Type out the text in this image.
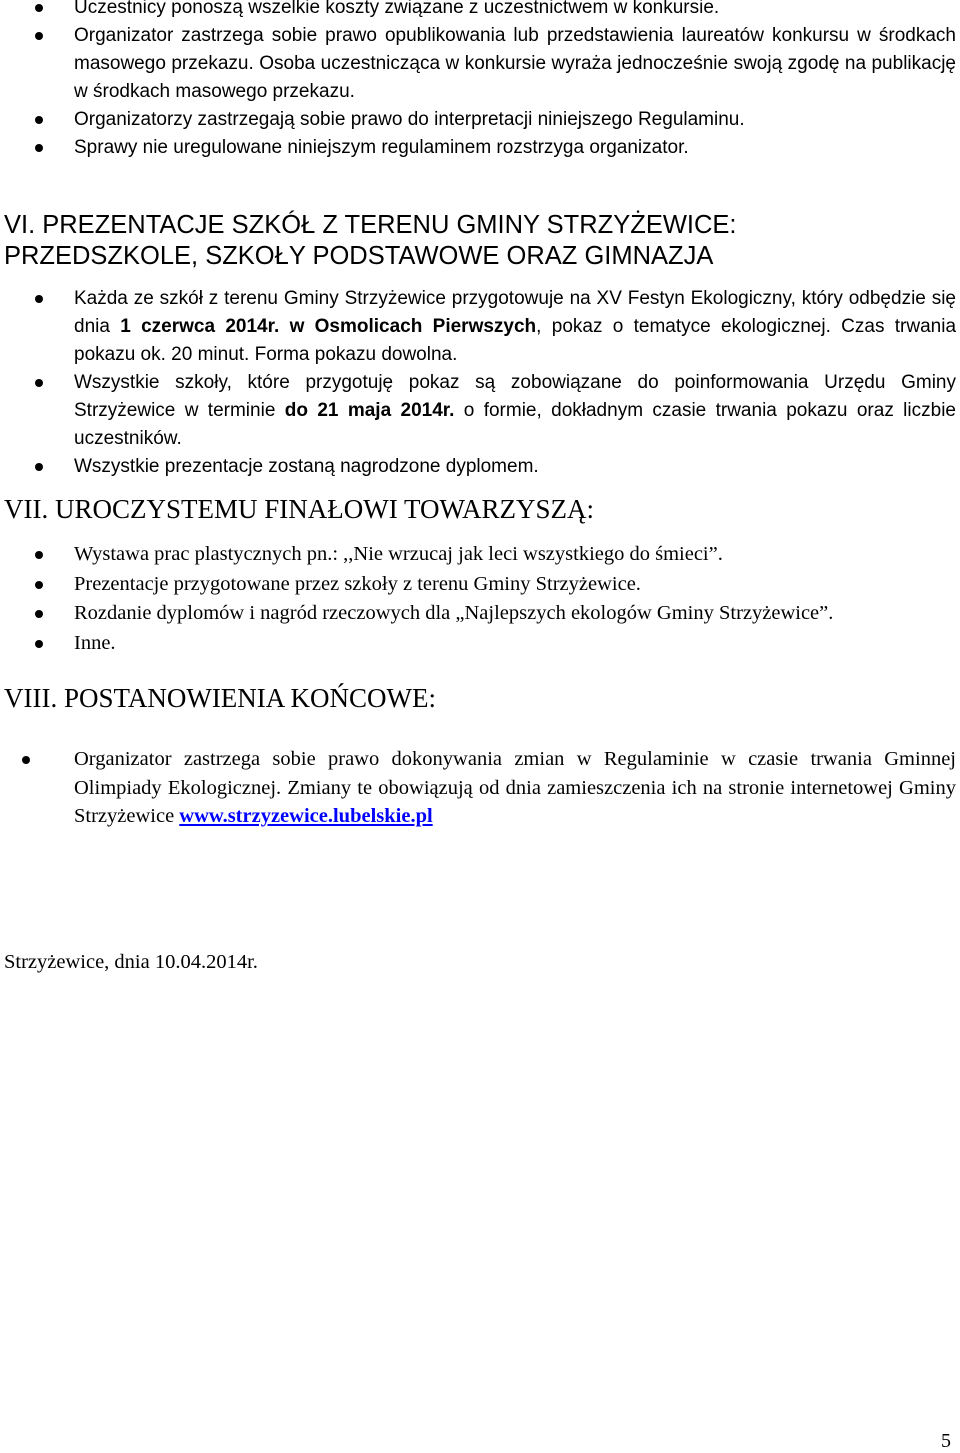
Uczestnicy ponoszą wszelkie koszty związane z uczestnictwem w konkursie.
Organizator zastrzega sobie prawo opublikowania lub przedstawienia laureatów konkursu w środkach masowego przekazu. Osoba uczestnicząca w konkursie wyraża jednocześnie swoją zgodę na publikację w środkach masowego przekazu.
Organizatorzy zastrzegają sobie prawo do interpretacji niniejszego Regulaminu.
Sprawy nie uregulowane niniejszym regulaminem rozstrzyga organizator.
VI. PREZENTACJE SZKÓŁ Z TERENU GMINY STRZYŻEWICE:
PRZEDSZKOLE, SZKOŁY PODSTAWOWE ORAZ GIMNAZJA
Każda ze szkół z terenu Gminy Strzyżewice przygotowuje na XV Festyn Ekologiczny, który odbędzie się dnia 1 czerwca 2014r. w Osmolicach Pierwszych, pokaz o tematyce ekologicznej. Czas trwania pokazu ok. 20 minut. Forma pokazu dowolna.
Wszystkie szkoły, które przygotuję pokaz są zobowiązane do poinformowania Urzędu Gminy Strzyżewice w terminie do 21 maja 2014r. o formie, dokładnym czasie trwania pokazu oraz liczbie uczestników.
Wszystkie prezentacje zostaną nagrodzone dyplomem.
VII. UROCZYSTEMU FINAŁOWI TOWARZYSZĄ:
Wystawa prac plastycznych pn.: ,,Nie wrzucaj jak leci wszystkiego do śmieci”.
Prezentacje przygotowane przez szkoły z terenu Gminy Strzyżewice.
Rozdanie dyplomów i nagród rzeczowych dla „Najlepszych ekologów Gminy Strzyżewice”.
Inne.
VIII. POSTANOWIENIA KOŃCOWE:
Organizator zastrzega sobie prawo dokonywania zmian w Regulaminie w czasie trwania Gminnej Olimpiady Ekologicznej. Zmiany te obowiązują od dnia zamieszczenia ich na stronie internetowej Gminy Strzyżewice www.strzyzewice.lubelskie.pl
Strzyżewice, dnia 10.04.2014r.
5
